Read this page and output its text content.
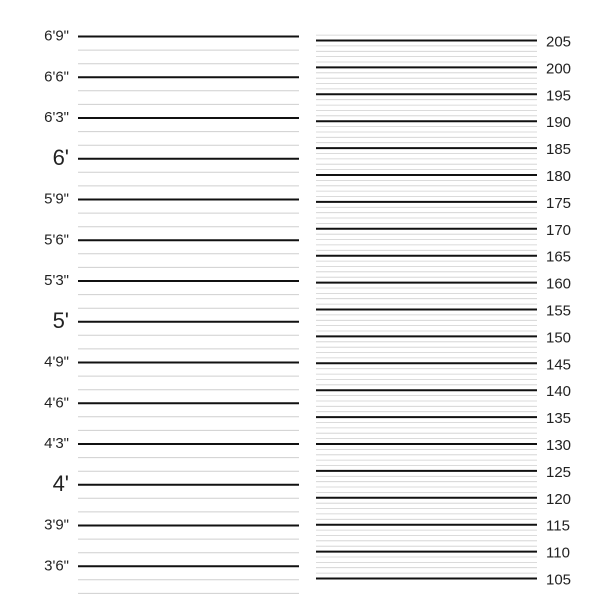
6'9"
6'6"
6'3"
6'
5'9"
5'6"
5'3"
5'
4'9"
4'6"
4'3"
4'
3'9"
3'6"
205
200
195
190
185
180
175
170
165
160
155
150
145
140
135
130
125
120
115
110
105
